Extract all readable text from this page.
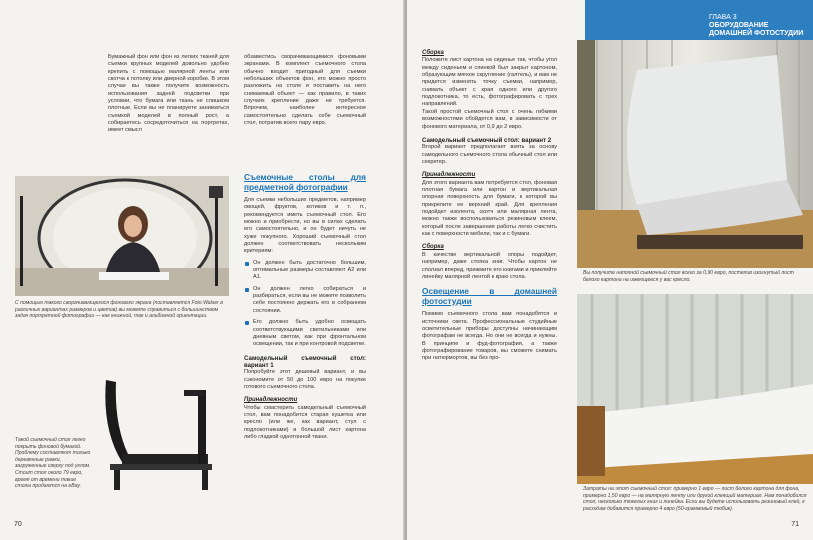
Бумажный фон или фон из легких тканей для съемки крупных моделей довольно удобно крепить с помощью малярной ленты или скотча к потолку или дверной коробке. В этом случае вы также получите возможность использования задней подсветки при условии, что бумага или ткань не слишком плотные. Если вы не планируете заниматься съемкой моделей в полный рост, а собираетесь сосредоточиться на портретах, имеет смысл

обзавестись сворачивающимися фоновыми экранами. В комплект съемочного стола обычно входит пригодный для съемки небольших объектов фон, его можно просто разложить на столе и поставить на него снимаемый объект — как правило, в таких случаях крепление даже не требуется. Впрочем, наиболее интересное самостоятельно сделать себе съемочный стол, потратив всего пару евро.

С помощью такого сворачивающегося фонового экрана (поставляется Foto Walser в различных вариантах размеров и цветов) вы можете справиться с большинством задач портретной фотографии — как книжной, так и альбомной ориентации.
Такой съемочный стол легко покрыть фоновой бумагой. Проблему составляют только деревянные рамки, загруженные сверху под углом. Стоит стол около 79 евро, время от времени такие столы продаются на eBay.
Съемочные столы для предметной фотографии

Для съемки небольших предметов, например овощей, фруктов, котиков и т. п., рекомендуется иметь съемочный стол. Его можно и приобрести, но вы в силах сделать его самостоятельно, и он будет ничуть не хуже покупного. Хороший съемочный стол должен соответствовать нескольким критериям:

Он должен быть достаточно большим, оптимальные размеры составляют A2 или A1.
Он должен легко собираться и разбираться, если вы не можете позволить себе постоянно держать его в собранном состоянии.
Его должно быть удобно освещать соответствующими светильниками или дневным светом, как при фронтальном освещении, так и при контровой подсветке.
Самодельный съемочный стол: вариант 1

Попробуйте этот дешевый вариант, и вы сэкономите от 50 до 100 евро на покупке готового съемочного стола.

Принадлежности

Чтобы смастерить самодельный съемочный стол, вам понадобится старая кушетка или кресло (или же, как вариант, стул с подлокотниками) и большой лист картона либо гладкой однотонной ткани.

70
Сборка

Положите лист картона на сиденье так, чтобы угол между сиденьем и спинкой был закрыт картоном, образующим мягкое скругление (галтель), и вам не придется изменять точку съемки, например, снимать объект с края одного или другого подлокотника, то есть, фотографировать с трех направлений.

Такой простой съемочный стол с очень гибкими возможностями обойдется вам, в зависимости от фонового материала, от 0,9 до 2 евро.

Самодельный съемочный стол: вариант 2

Второй вариант предполагает взять за основу самодельного съемочного стола обычный стол или секретер.

Принадлежности

Для этого варианта вам потребуется стол, фоновая плотная бумага или картон и вертикальная опорная поверхность для бумаги, к которой вы прикрепите ее верхний край. Для крепления подойдет изолента, скотч или малярная лента, можно также воспользоваться резиновым клеем, который после завершения работы легко счистить как с поверхности мебели, так и с бумаги.

Сборка

В качестве вертикальной опоры подойдет, например, даже стопка книг. Чтобы картон не сползал вперед, прижмите его книгами и приклейте линейку малярной лентой к краю стола.

Освещение в домашней фотостудии

Помимо съемочного стола вам понадобятся и источники света. Профессиональные студийные осветительные приборы доступны начинающим фотографам не всегда. Но они не всегда и нужны. В принципе и фуд-фотография, а также фотографирование товаров, вы сможете снимать при натюрмортов, вы без про-

Вы получите наполной съемочный стол всего за 0,90 евро, постелив изогнутый лист белого картона на имеющееся у вас кресло.
Затраты на этот съемочный стол: примерно 1 евро — лист белого картона для фона, примерно 1,50 евро — на малярную ленту или другой клеящий материал. Нам понадобился стол, несколько тяжелых книг и линейка. Если вы будете использовать резиновый клей, к расходам добавится примерно 4 евро (50-граммовый тюбик).
71
ГЛАВА 3
ОБОРУДОВАНИЕ ДОМАШНЕЙ ФОТОСТУДИИ
